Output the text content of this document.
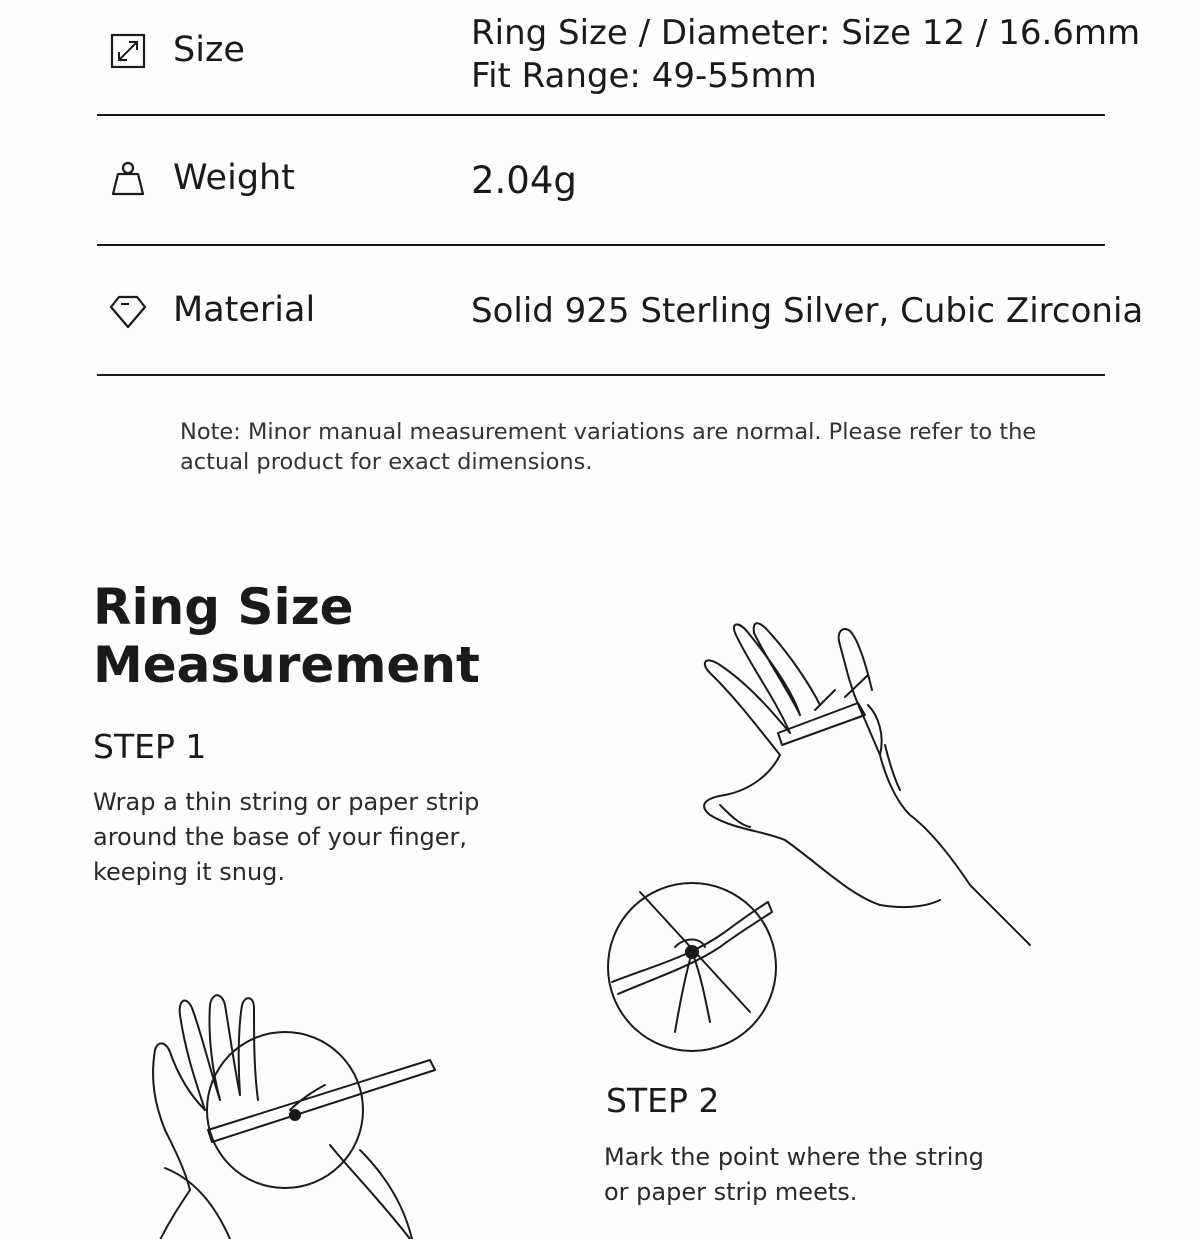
Size	Ring Size / Diameter: Size 12 / 16.6mm
Fit Range: 49-55mm
Weight	2.04g
Material	Solid 925 Sterling Silver, Cubic Zirconia

Note: Minor manual measurement variations are normal. Please refer to the actual product for exact dimensions.

Ring Size Measurement
STEP 1

Wrap a thin string or paper strip around the base of your finger, keeping it snug.

STEP 2

Mark the point where the string or paper strip meets.
